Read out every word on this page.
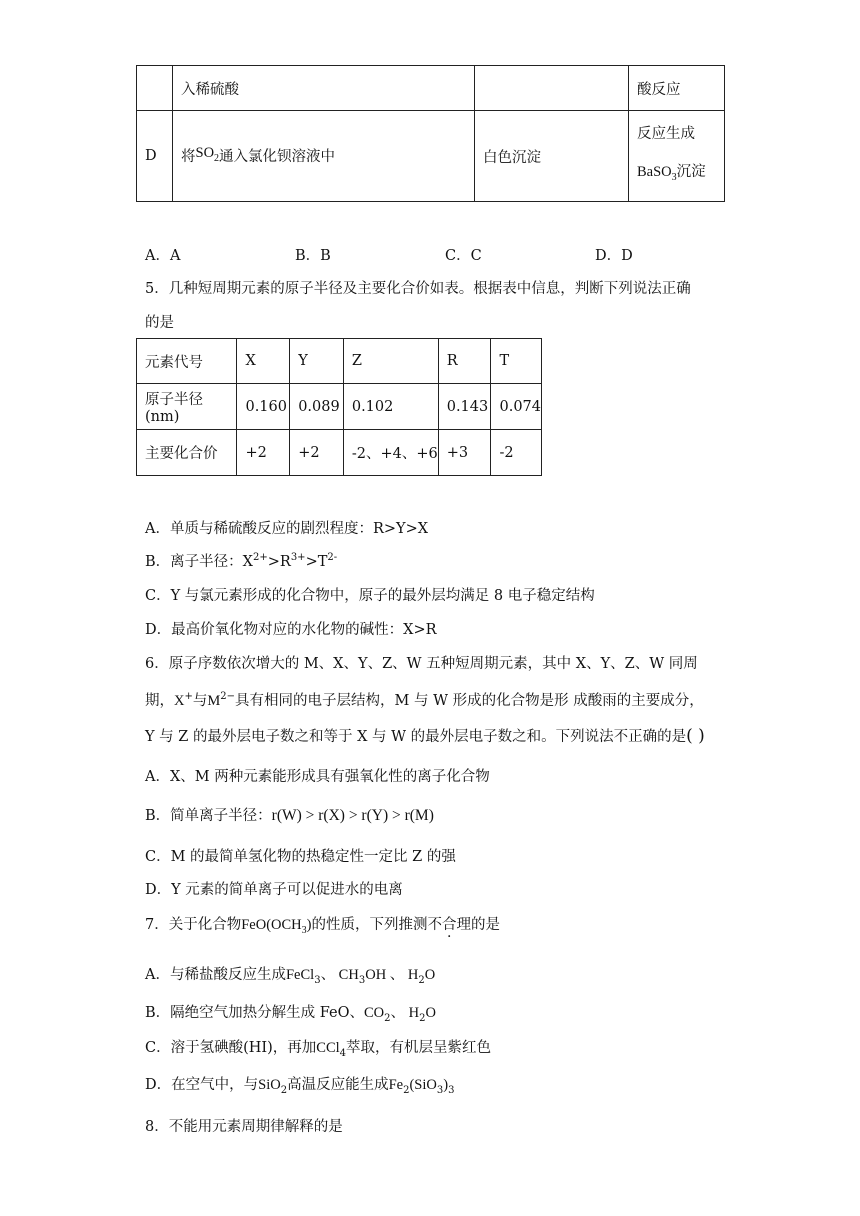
	入稀硫酸		酸反应
D	将$SO_2$通入氯化钡溶液中	白色沉淀	反应生成
BaSO$_3$沉淀
A．A	B．B	C．C	D．D
5．几种短周期元素的原子半径及主要化合价如表。根据表中信息，判断下列说法正确
的是
元素代号	X	Y	Z	R	T
原子半径(nm)	0.160	0.089	0.102	0.143	0.074
主要化合价	+2	+2	-2、+4、+6	+3	-2
A．单质与稀硫酸反应的剧烈程度：R>Y>X
B．离子半径：$X^{2+}>R^{3+}>T^{2-}$
C．Y 与氯元素形成的化合物中，原子的最外层均满足 8 电子稳定结构
D．最高价氧化物对应的水化物的碱性：X>R
6．原子序数依次增大的 M、X、Y、Z、W 五种短周期元素，其中 X、Y、Z、W 同周
期，X+与$M^{2-}$具有相同的电子层结构，M 与 W 形成的化合物是形 成酸雨的主要成分，
Y 与 Z 的最外层电子数之和等于 X 与 W 的最外层电子数之和。下列说法不正确的是( )
A．X、M 两种元素能形成具有强氧化性的离子化合物
B．简单离子半径：r(W) > r(X) > r(Y) > r(M)
C．M 的最简单氢化物的热稳定性一定比 Z 的强
D．Y 元素的简单离子可以促进水的电离
7．关于化合物$FeO(OCH_3)$的性质，下列推测不合理的是
A．与稀盐酸反应生成FeCl$_3$、 $CH_3OH$ 、 $H_2O$
B．隔绝空气加热分解生成 FeO、$CO_2$、 $H_2O$
C．溶于氢碘酸(HI)，再加CCl$_4$萃取，有机层呈紫红色
D．在空气中，与SiO$_2$高温反应能生成$Fe_2(SiO_3)_3$
8．不能用元素周期律解释的是
